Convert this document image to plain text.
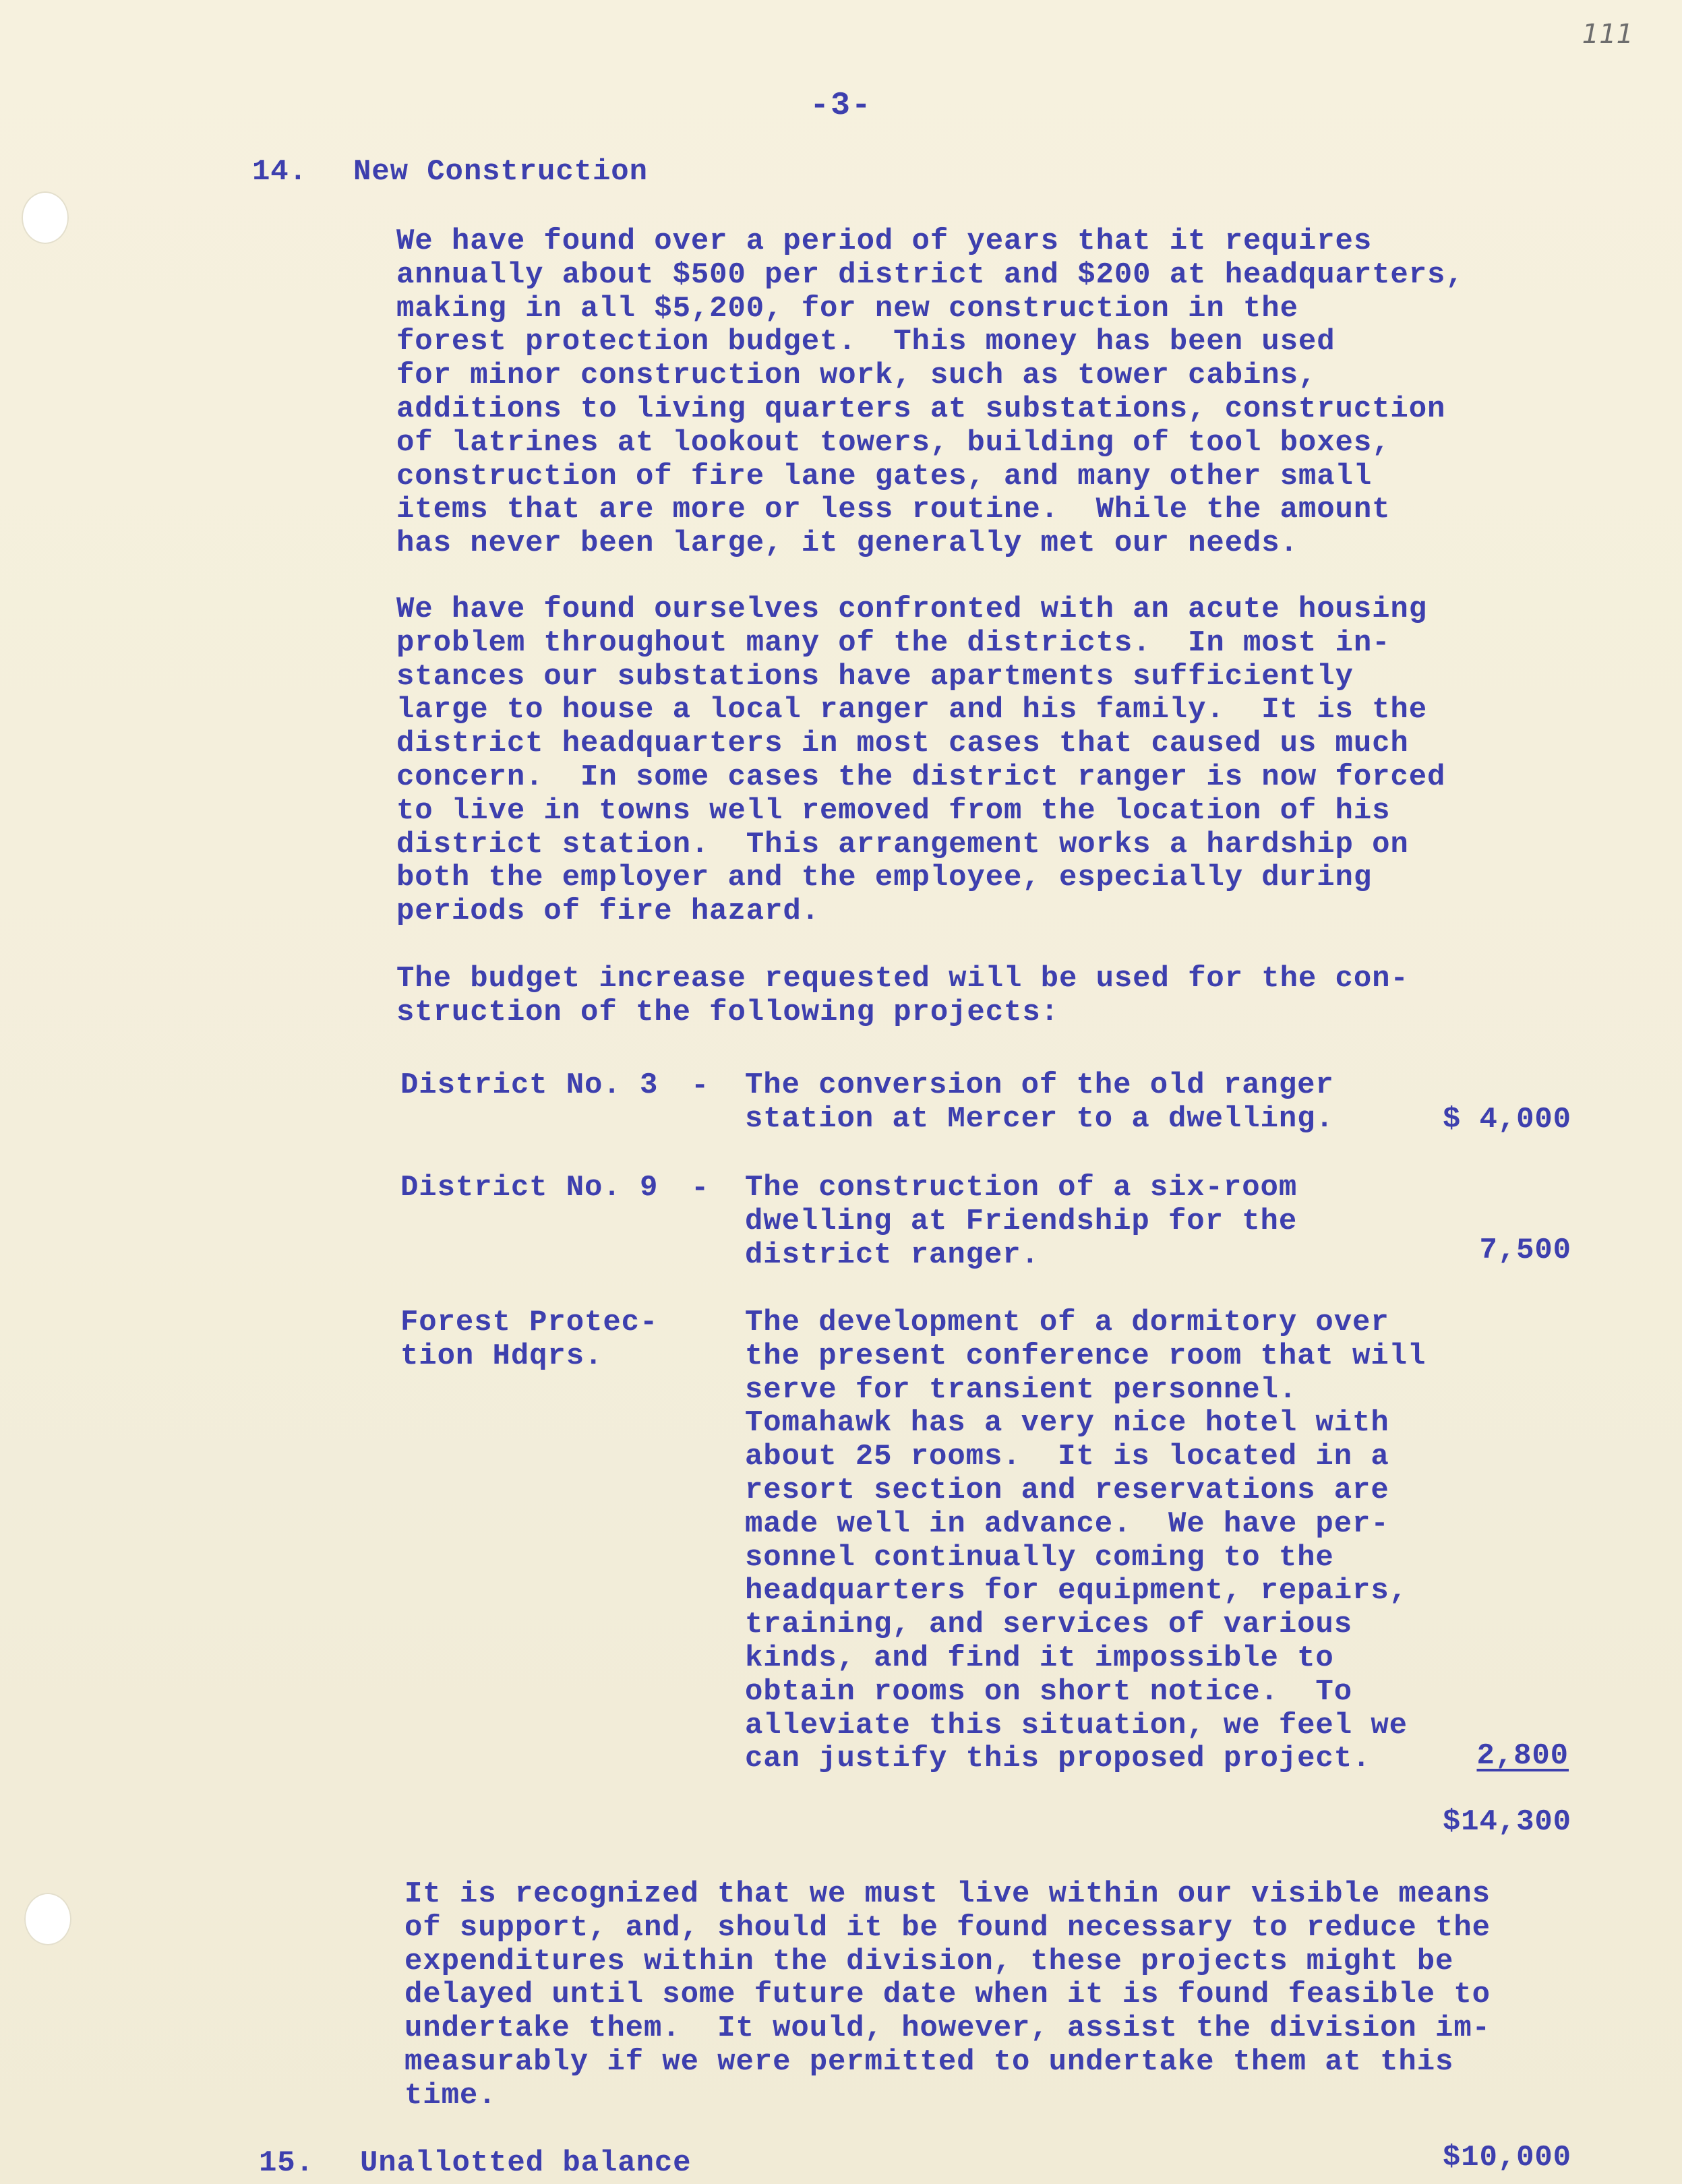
111
-3-
14. New Construction
We have found over a period of years that it requires
annually about $500 per district and $200 at headquarters,
making in all $5,200, for new construction in the
forest protection budget.  This money has been used
for minor construction work, such as tower cabins,
additions to living quarters at substations, construction
of latrines at lookout towers, building of tool boxes,
construction of fire lane gates, and many other small
items that are more or less routine.  While the amount
has never been large, it generally met our needs.
We have found ourselves confronted with an acute housing
problem throughout many of the districts.  In most in-
stances our substations have apartments sufficiently
large to house a local ranger and his family.  It is the
district headquarters in most cases that caused us much
concern.  In some cases the district ranger is now forced
to live in towns well removed from the location of his
district station.  This arrangement works a hardship on
both the employer and the employee, especially during
periods of fire hazard.
The budget increase requested will be used for the con-
struction of the following projects:
District No. 3 - The conversion of the old ranger
station at Mercer to a dwelling.	$ 4,000
District No. 9 - The construction of a six-room
dwelling at Friendship for the
district ranger.	7,500
Forest Protec-
tion Hdqrs.
The development of a dormitory over
the present conference room that will
serve for transient personnel.
Tomahawk has a very nice hotel with
about 25 rooms.  It is located in a
resort section and reservations are
made well in advance.  We have per-
sonnel continually coming to the
headquarters for equipment, repairs,
training, and services of various
kinds, and find it impossible to
obtain rooms on short notice.  To
alleviate this situation, we feel we
can justify this proposed project.	2,800
$14,300
It is recognized that we must live within our visible means
of support, and, should it be found necessary to reduce the
expenditures within the division, these projects might be
delayed until some future date when it is found feasible to
undertake them.  It would, however, assist the division im-
measurably if we were permitted to undertake them at this
time.
15. Unallotted balance	$10,000
